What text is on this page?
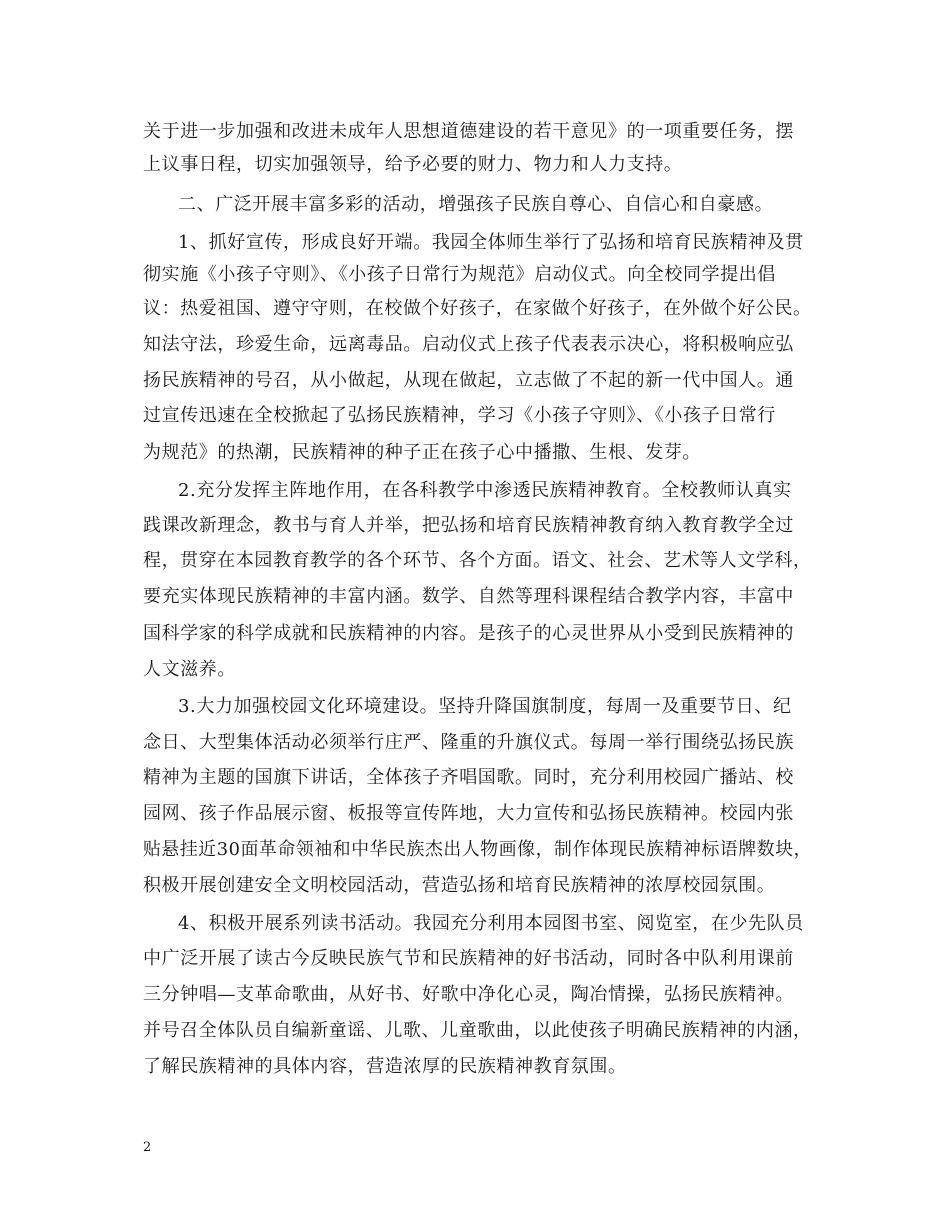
关于进一步加强和改进未成年人思想道德建设的若干意见》的一项重要任务，摆
上议事日程，切实加强领导，给予必要的财力、物力和人力支持。
二、广泛开展丰富多彩的活动，增强孩子民族自尊心、自信心和自豪感。
1、抓好宣传，形成良好开端。我园全体师生举行了弘扬和培育民族精神及贯
彻实施《小孩子守则》、《小孩子日常行为规范》启动仪式。向全校同学提出倡
议：热爱祖国、遵守守则，在校做个好孩子，在家做个好孩子，在外做个好公民。
知法守法，珍爱生命，远离毒品。启动仪式上孩子代表表示决心，将积极响应弘
扬民族精神的号召，从小做起，从现在做起，立志做了不起的新一代中国人。通
过宣传迅速在全校掀起了弘扬民族精神，学习《小孩子守则》、《小孩子日常行
为规范》的热潮，民族精神的种子正在孩子心中播撒、生根、发芽。
2.充分发挥主阵地作用，在各科教学中渗透民族精神教育。全校教师认真实
践课改新理念，教书与育人并举，把弘扬和培育民族精神教育纳入教育教学全过
程，贯穿在本园教育教学的各个环节、各个方面。语文、社会、艺术等人文学科，
要充实体现民族精神的丰富内涵。数学、自然等理科课程结合教学内容，丰富中
国科学家的科学成就和民族精神的内容。是孩子的心灵世界从小受到民族精神的
人文滋养。
3.大力加强校园文化环境建设。坚持升降国旗制度，每周一及重要节日、纪
念日、大型集体活动必须举行庄严、隆重的升旗仪式。每周一举行围绕弘扬民族
精神为主题的国旗下讲话，全体孩子齐唱国歌。同时，充分利用校园广播站、校
园网、孩子作品展示窗、板报等宣传阵地，大力宣传和弘扬民族精神。校园内张
贴悬挂近30面革命领袖和中华民族杰出人物画像，制作体现民族精神标语牌数块，
积极开展创建安全文明校园活动，营造弘扬和培育民族精神的浓厚校园氛围。
4、积极开展系列读书活动。我园充分利用本园图书室、阅览室，在少先队员
中广泛开展了读古今反映民族气节和民族精神的好书活动，同时各中队利用课前
三分钟唱—支革命歌曲，从好书、好歌中净化心灵，陶冶情操，弘扬民族精神。
并号召全体队员自编新童谣、儿歌、儿童歌曲，以此使孩子明确民族精神的内涵，
了解民族精神的具体内容，营造浓厚的民族精神教育氛围。
2
